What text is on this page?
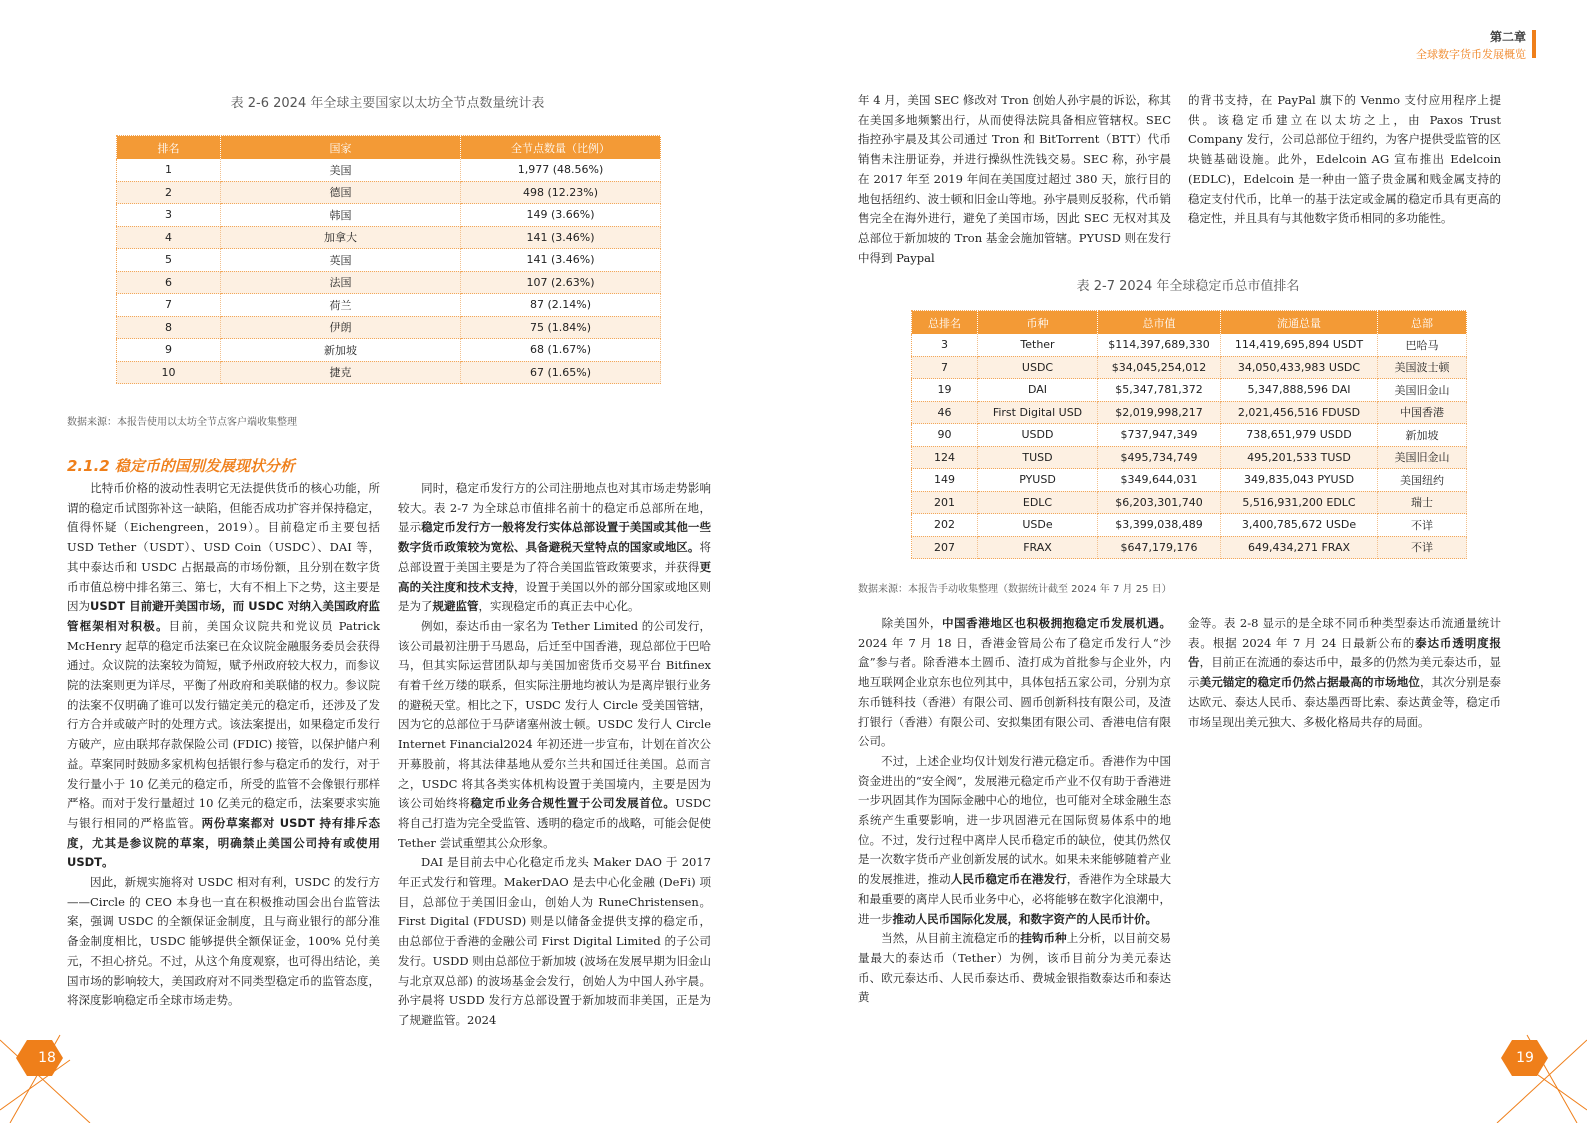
表 2-6 2024 年全球主要国家以太坊全节点数量统计表
排名	国家	全节点数量（比例）
1	美国	1,977 (48.56%)
2	德国	498 (12.23%)
3	韩国	149 (3.66%)
4	加拿大	141 (3.46%)
5	英国	141 (3.46%)
6	法国	107 (2.63%)
7	荷兰	87 (2.14%)
8	伊朗	75 (1.84%)
9	新加坡	68 (1.67%)
10	捷克	67 (1.65%)
数据来源：本报告使用以太坊全节点客户端收集整理
2.1.2 稳定币的国别发展现状分析

比特币价格的波动性表明它无法提供货币的核心功能，所谓的稳定币试图弥补这一缺陷，但能否成功扩容并保持稳定，值得怀疑（Eichengreen，2019）。目前稳定币主要包括 USD Tether（USDT）、USD Coin（USDC）、DAI 等，其中泰达币和 USDC 占据最高的市场份额，且分别在数字货币市值总榜中排名第三、第七，大有不相上下之势，这主要是因为USDT 目前避开美国市场，而 USDC 对纳入美国政府监管框架相对积极。目前，美国众议院共和党议员 Patrick McHenry 起草的稳定币法案已在众议院金融服务委员会获得通过。众议院的法案较为简短，赋予州政府较大权力，而参议院的法案则更为详尽，平衡了州政府和美联储的权力。参议院的法案不仅明确了谁可以发行锚定美元的稳定币，还涉及了发行方合并或破产时的处理方式。该法案提出，如果稳定币发行方破产，应由联邦存款保险公司 (FDIC) 接管，以保护储户利益。草案同时鼓励多家机构包括银行参与稳定币的发行，对于发行量小于 10 亿美元的稳定币，所受的监管不会像银行那样严格。而对于发行量超过 10 亿美元的稳定币，法案要求实施与银行相同的严格监管。两份草案都对 USDT 持有排斥态度，尤其是参议院的草案，明确禁止美国公司持有或使用 USDT。

因此，新规实施将对 USDC 相对有利，USDC 的发行方——Circle 的 CEO 本身也一直在积极推动国会出台监管法案，强调 USDC 的全额保证金制度，且与商业银行的部分准备金制度相比，USDC 能够提供全额保证金，100% 兑付美元，不担心挤兑。不过，从这个角度观察，也可得出结论，美国市场的影响较大，美国政府对不同类型稳定币的监管态度，将深度影响稳定币全球市场走势。

同时，稳定币发行方的公司注册地点也对其市场走势影响较大。表 2-7 为全球总市值排名前十的稳定币总部所在地，显示稳定币发行方一般将发行实体总部设置于美国或其他一些数字货币政策较为宽松、具备避税天堂特点的国家或地区。将总部设置于美国主要是为了符合美国监管政策要求，并获得更高的关注度和技术支持，设置于美国以外的部分国家或地区则是为了规避监管，实现稳定币的真正去中心化。

例如，泰达币由一家名为 Tether Limited 的公司发行，该公司最初注册于马恩岛，后迁至中国香港，现总部位于巴哈马，但其实际运营团队却与美国加密货币交易平台 Bitfinex 有着千丝万缕的联系，但实际注册地均被认为是离岸银行业务的避税天堂。相比之下，USDC 发行人 Circle 受美国管辖，因为它的总部位于马萨诸塞州波士顿。USDC 发行人 Circle Internet Financial2024 年初还进一步宣布，计划在首次公开募股前，将其法律基地从爱尔兰共和国迁往美国。总而言之，USDC 将其各类实体机构设置于美国境内，主要是因为该公司始终将稳定币业务合规性置于公司发展首位。USDC 将自己打造为完全受监管、透明的稳定币的战略，可能会促使 Tether 尝试重塑其公众形象。

DAI 是目前去中心化稳定币龙头 Maker DAO 于 2017 年正式发行和管理。MakerDAO 是去中心化金融 (DeFi) 项目，总部位于美国旧金山，创始人为 RuneChristensen。First Digital (FDUSD) 则是以储备金提供支撑的稳定币，由总部位于香港的金融公司 First Digital Limited 的子公司发行。USDD 则由总部位于新加坡 (波场在发展早期为旧金山与北京双总部) 的波场基金会发行，创始人为中国人孙宇晨。孙宇晨将 USDD 发行方总部设置于新加坡而非美国，正是为了规避监管。2024

18
第二章
全球数字货币发展概览

年 4 月，美国 SEC 修改对 Tron 创始人孙宇晨的诉讼，称其在美国多地频繁出行，从而使得法院具备相应管辖权。SEC 指控孙宇晨及其公司通过 Tron 和 BitTorrent（BTT）代币销售未注册证券，并进行操纵性洗钱交易。SEC 称，孙宇晨在 2017 年至 2019 年间在美国度过超过 380 天，旅行目的地包括纽约、波士顿和旧金山等地。孙宇晨则反驳称，代币销售完全在海外进行，避免了美国市场，因此 SEC 无权对其及总部位于新加坡的 Tron 基金会施加管辖。PYUSD 则在发行中得到 Paypal

的背书支持，在 PayPal 旗下的 Venmo 支付应用程序上提供。该稳定币建立在以太坊之上，由 Paxos Trust Company 发行，公司总部位于纽约，为客户提供受监管的区块链基础设施。此外，Edelcoin AG 宣布推出 Edelcoin (EDLC)，Edelcoin 是一种由一篮子贵金属和贱金属支持的稳定支付代币，比单一的基于法定或金属的稳定币具有更高的稳定性，并且具有与其他数字货币相同的多功能性。

表 2-7 2024 年全球稳定币总市值排名
总排名	币种	总市值	流通总量	总部
3	Tether	$114,397,689,330	114,419,695,894 USDT	巴哈马
7	USDC	$34,045,254,012	34,050,433,983 USDC	美国波士顿
19	DAI	$5,347,781,372	5,347,888,596 DAI	美国旧金山
46	First Digital USD	$2,019,998,217	2,021,456,516 FDUSD	中国香港
90	USDD	$737,947,349	738,651,979 USDD	新加坡
124	TUSD	$495,734,749	495,201,533 TUSD	美国旧金山
149	PYUSD	$349,644,031	349,835,043 PYUSD	美国纽约
201	EDLC	$6,203,301,740	5,516,931,200 EDLC	瑞士
202	USDe	$3,399,038,489	3,400,785,672 USDe	不详
207	FRAX	$647,179,176	649,434,271 FRAX	不详
数据来源：本报告手动收集整理（数据统计截至 2024 年 7 月 25 日）

除美国外，中国香港地区也积极拥抱稳定币发展机遇。2024 年 7 月 18 日，香港金管局公布了稳定币发行人“沙盒”参与者。除香港本土圆币、渣打成为首批参与企业外，内地互联网企业京东也位列其中，具体包括五家公司，分别为京东币链科技（香港）有限公司、圆币创新科技有限公司，及渣打银行（香港）有限公司、安拟集团有限公司、香港电信有限公司。

不过，上述企业均仅计划发行港元稳定币。香港作为中国资金进出的“安全阀”，发展港元稳定币产业不仅有助于香港进一步巩固其作为国际金融中心的地位，也可能对全球金融生态系统产生重要影响，进一步巩固港元在国际贸易体系中的地位。不过，发行过程中离岸人民币稳定币的缺位，使其仍然仅是一次数字货币产业创新发展的试水。如果未来能够随着产业的发展推进，推动人民币稳定币在港发行，香港作为全球最大和最重要的离岸人民币业务中心，必将能够在数字化浪潮中，进一步推动人民币国际化发展，和数字资产的人民币计价。

当然，从目前主流稳定币的挂钩币种上分析，以目前交易量最大的泰达币（Tether）为例，该币目前分为美元泰达币、欧元泰达币、人民币泰达币、费城金银指数泰达币和泰达黄

金等。表 2-8 显示的是全球不同币种类型泰达币流通量统计表。根据 2024 年 7 月 24 日最新公布的泰达币透明度报告，目前正在流通的泰达币中，最多的仍然为美元泰达币，显示美元锚定的稳定币仍然占据最高的市场地位，其次分别是泰达欧元、泰达人民币、泰达墨西哥比索、泰达黄金等，稳定币市场呈现出美元独大、多极化格局共存的局面。

19
